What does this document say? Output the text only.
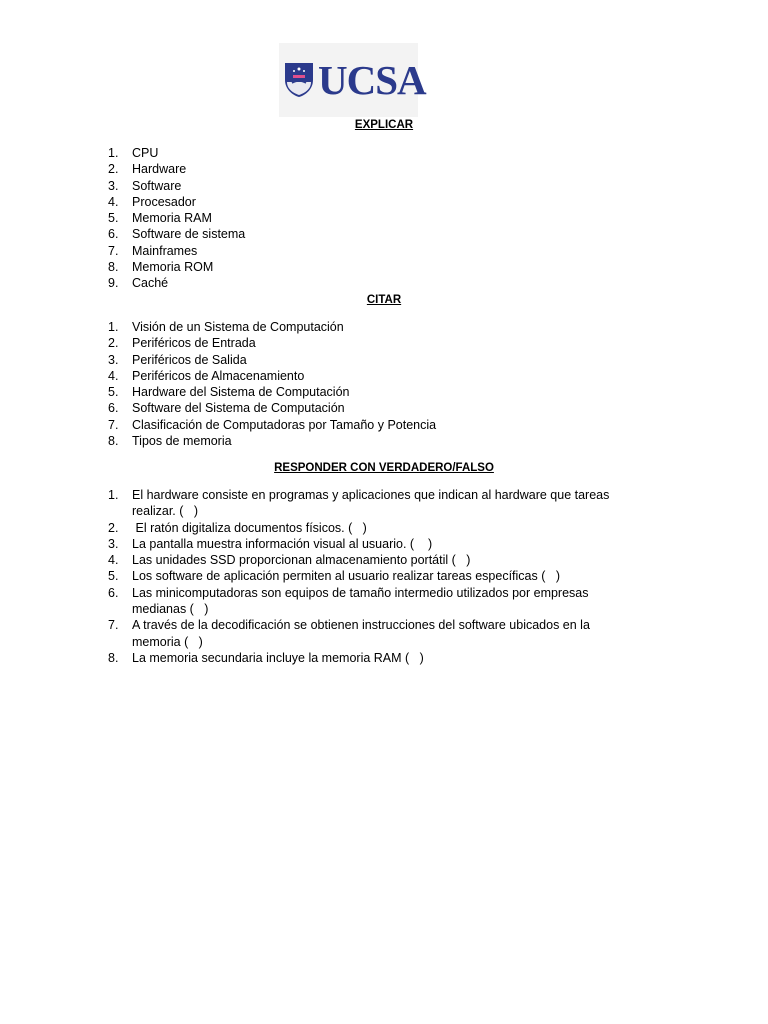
UCSA
EXPLICAR
1. CPU
2. Hardware
3. Software
4. Procesador
5. Memoria RAM
6. Software de sistema
7. Mainframes
8. Memoria ROM
9. Caché
CITAR
1. Visión de un Sistema de Computación
2. Periféricos de Entrada
3. Periféricos de Salida
4. Periféricos de Almacenamiento
5. Hardware del Sistema de Computación
6. Software del Sistema de Computación
7. Clasificación de Computadoras por Tamaño y Potencia
8. Tipos de memoria
RESPONDER CON VERDADERO/FALSO
1. El hardware consiste en programas y aplicaciones que indican al hardware que tareas realizar. (   )
2. El ratón digitaliza documentos físicos. (   )
3. La pantalla muestra información visual al usuario. (    )
4. Las unidades SSD proporcionan almacenamiento portátil (   )
5. Los software de aplicación permiten al usuario realizar tareas específicas (   )
6. Las minicomputadoras son equipos de tamaño intermedio utilizados por empresas medianas (   )
7. A través de la decodificación se obtienen instrucciones del software ubicados en la memoria (   )
8. La memoria secundaria incluye la memoria RAM (   )
